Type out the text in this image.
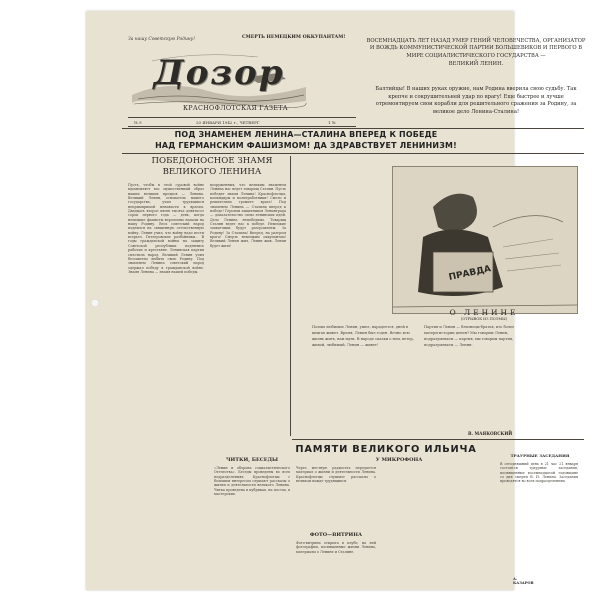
За нашу Советскую Родину!	СМЕРТЬ НЕМЕЦКИМ ОККУПАНТАМ!
Дозор
КРАСНОФЛОТСКАЯ ГАЗЕТА
№ 9	20 ЯНВАРЯ 1942 г., ЧЕТВЕРГ	1 №
ВОСЕМНАДЦАТЬ ЛЕТ НАЗАД УМЕР ГЕНИЙ ЧЕЛОВЕЧЕСТВА, ОРГАНИЗАТОР И ВОЖДЬ КОММУНИСТИЧЕСКОЙ ПАРТИИ БОЛЬШЕВИКОВ И ПЕРВОГО В МИРЕ СОЦИАЛИСТИЧЕСКОГО ГОСУДАРСТВА —
ВЕЛИКИЙ ЛЕНИН.
Балтийцы! В наших руках оружие, нам Родина вверила свою судьбу. Так крепче и сокрушительней удар по врагу! Еще быстрее и лучше отремонтируем свои корабли для решительного сражения за Родину, за великое дело Ленина-Сталина!
ПОД ЗНАМЕНЕМ ЛЕНИНА—СТАЛИНА ВПЕРЕД К ПОБЕДЕ
НАД ГЕРМАНСКИМ ФАШИЗМОМ! ДА ЗДРАВСТВУЕТ ЛЕНИНИЗМ!
ПОБЕДОНОСНОЕ ЗНАМЯ
ВЕЛИКОГО ЛЕНИНА
Пусть, чтобы в этой суровой войне вдохновляет вас мужественный образ наших великих предков — Ленина. Великий Ленин, основатель нашего государства, учил трудящихся непримиримой ненависти к врагам. Двадцать второе июня тысяча девятьсот сорок первого года — день, когда немецкие фашисты вероломно напали на нашу Родину. Весь советский народ поднялся на священную отечественную войну. Ленин учил, что войну надо вести всерьез. Гитлеровские разбойники... В годы гражданской войны на защиту Советской республики поднялись рабочие и крестьяне. Ленинская партия сплотила народ. Великий Ленин учил беззаветно любить свою Родину. Под знаменем Ленина советский народ одержал победу в гражданской войне. Знамя Ленина — знамя нашей победы.
вооруженных, что великим знаменем Ленина нас ведет товарищ Сталин. Пусть победит знамя Ленина! Краснофлотцы, командиры и политработники! Смело и решительно громите врага! Под знаменем Ленина — Сталина вперед к победе! Героизм защитников Ленинграда — доказательство силы ленинских идей. Дело Ленина непобедимо. Товарищ Сталин ведет нас к победе. Немецкие захватчики будут разгромлены. За Родину! За Сталина! Вперед, на разгром врага! Смерть немецким оккупантам! Великий Ленин жил, Ленин жив, Ленин будет жить!
ПРАВДА
О ЛЕНИНЕ
(ОТРЫВОК ИЗ ПОЭМЫ)
Поэмы любимые Ленин, ушел, нарадеется, дней в книгах живет. Время, Ленин был годен. Вечно всю жизнь жить, нам идти. В народе сказки о нем, ветер, живой, любимый, Ленин — живет!
Партия и Ленин — близнецы-братья, кто более матери-истории ценен? Мы говорим Ленин, подразумеваем — партия, мы говорим партия, подразумеваем — Ленин.
В. МАЯКОВСКИЙ
ПАМЯТИ ВЕЛИКОГО ИЛЬИЧА
ЧИТКИ, БЕСЕДЫ
«Ленин и оборона социалистического Отечества». Беседы проведены во всех подразделениях. Краснофлотцы с большим интересом слушают рассказы о жизни и деятельности великого Ленина. Читка проведена в кубриках, на постах, в мастерских.
У МИКРОФОНА
Через местную радиосеть передается материал о жизни и деятельности Ленина. Краснофлотцы слушают рассказы о великом вожде трудящихся.
ФОТО—ВИТРИНА
Фото-витрина открыта в клубе, на ней фотографии, посвященные жизни Ленина, материалы о Ленине и Сталине.
ТРАУРНЫЕ ЗАСЕДАНИЯ
В сегодняшний день в 21 час 21 января состоятся траурные заседания, посвященные восемнадцатой годовщине со дня смерти В. И. Ленина. Заседания проводятся во всех подразделениях.
А. КАЗАРОВ
